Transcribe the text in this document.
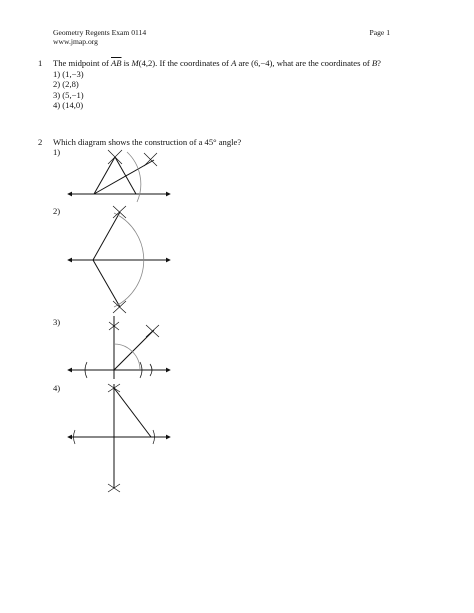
Geometry Regents Exam 0114
www.jmap.org
Page 1
1 The midpoint of $\overline{AB}$ is M(4,2). If the coordinates of A are (6,−4), what are the coordinates of B?
1) (1,−3)
2) (2,8)
3) (5,−1)
4) (14,0)
2 Which diagram shows the construction of a 45° angle?
1)
2)
3)
4)
